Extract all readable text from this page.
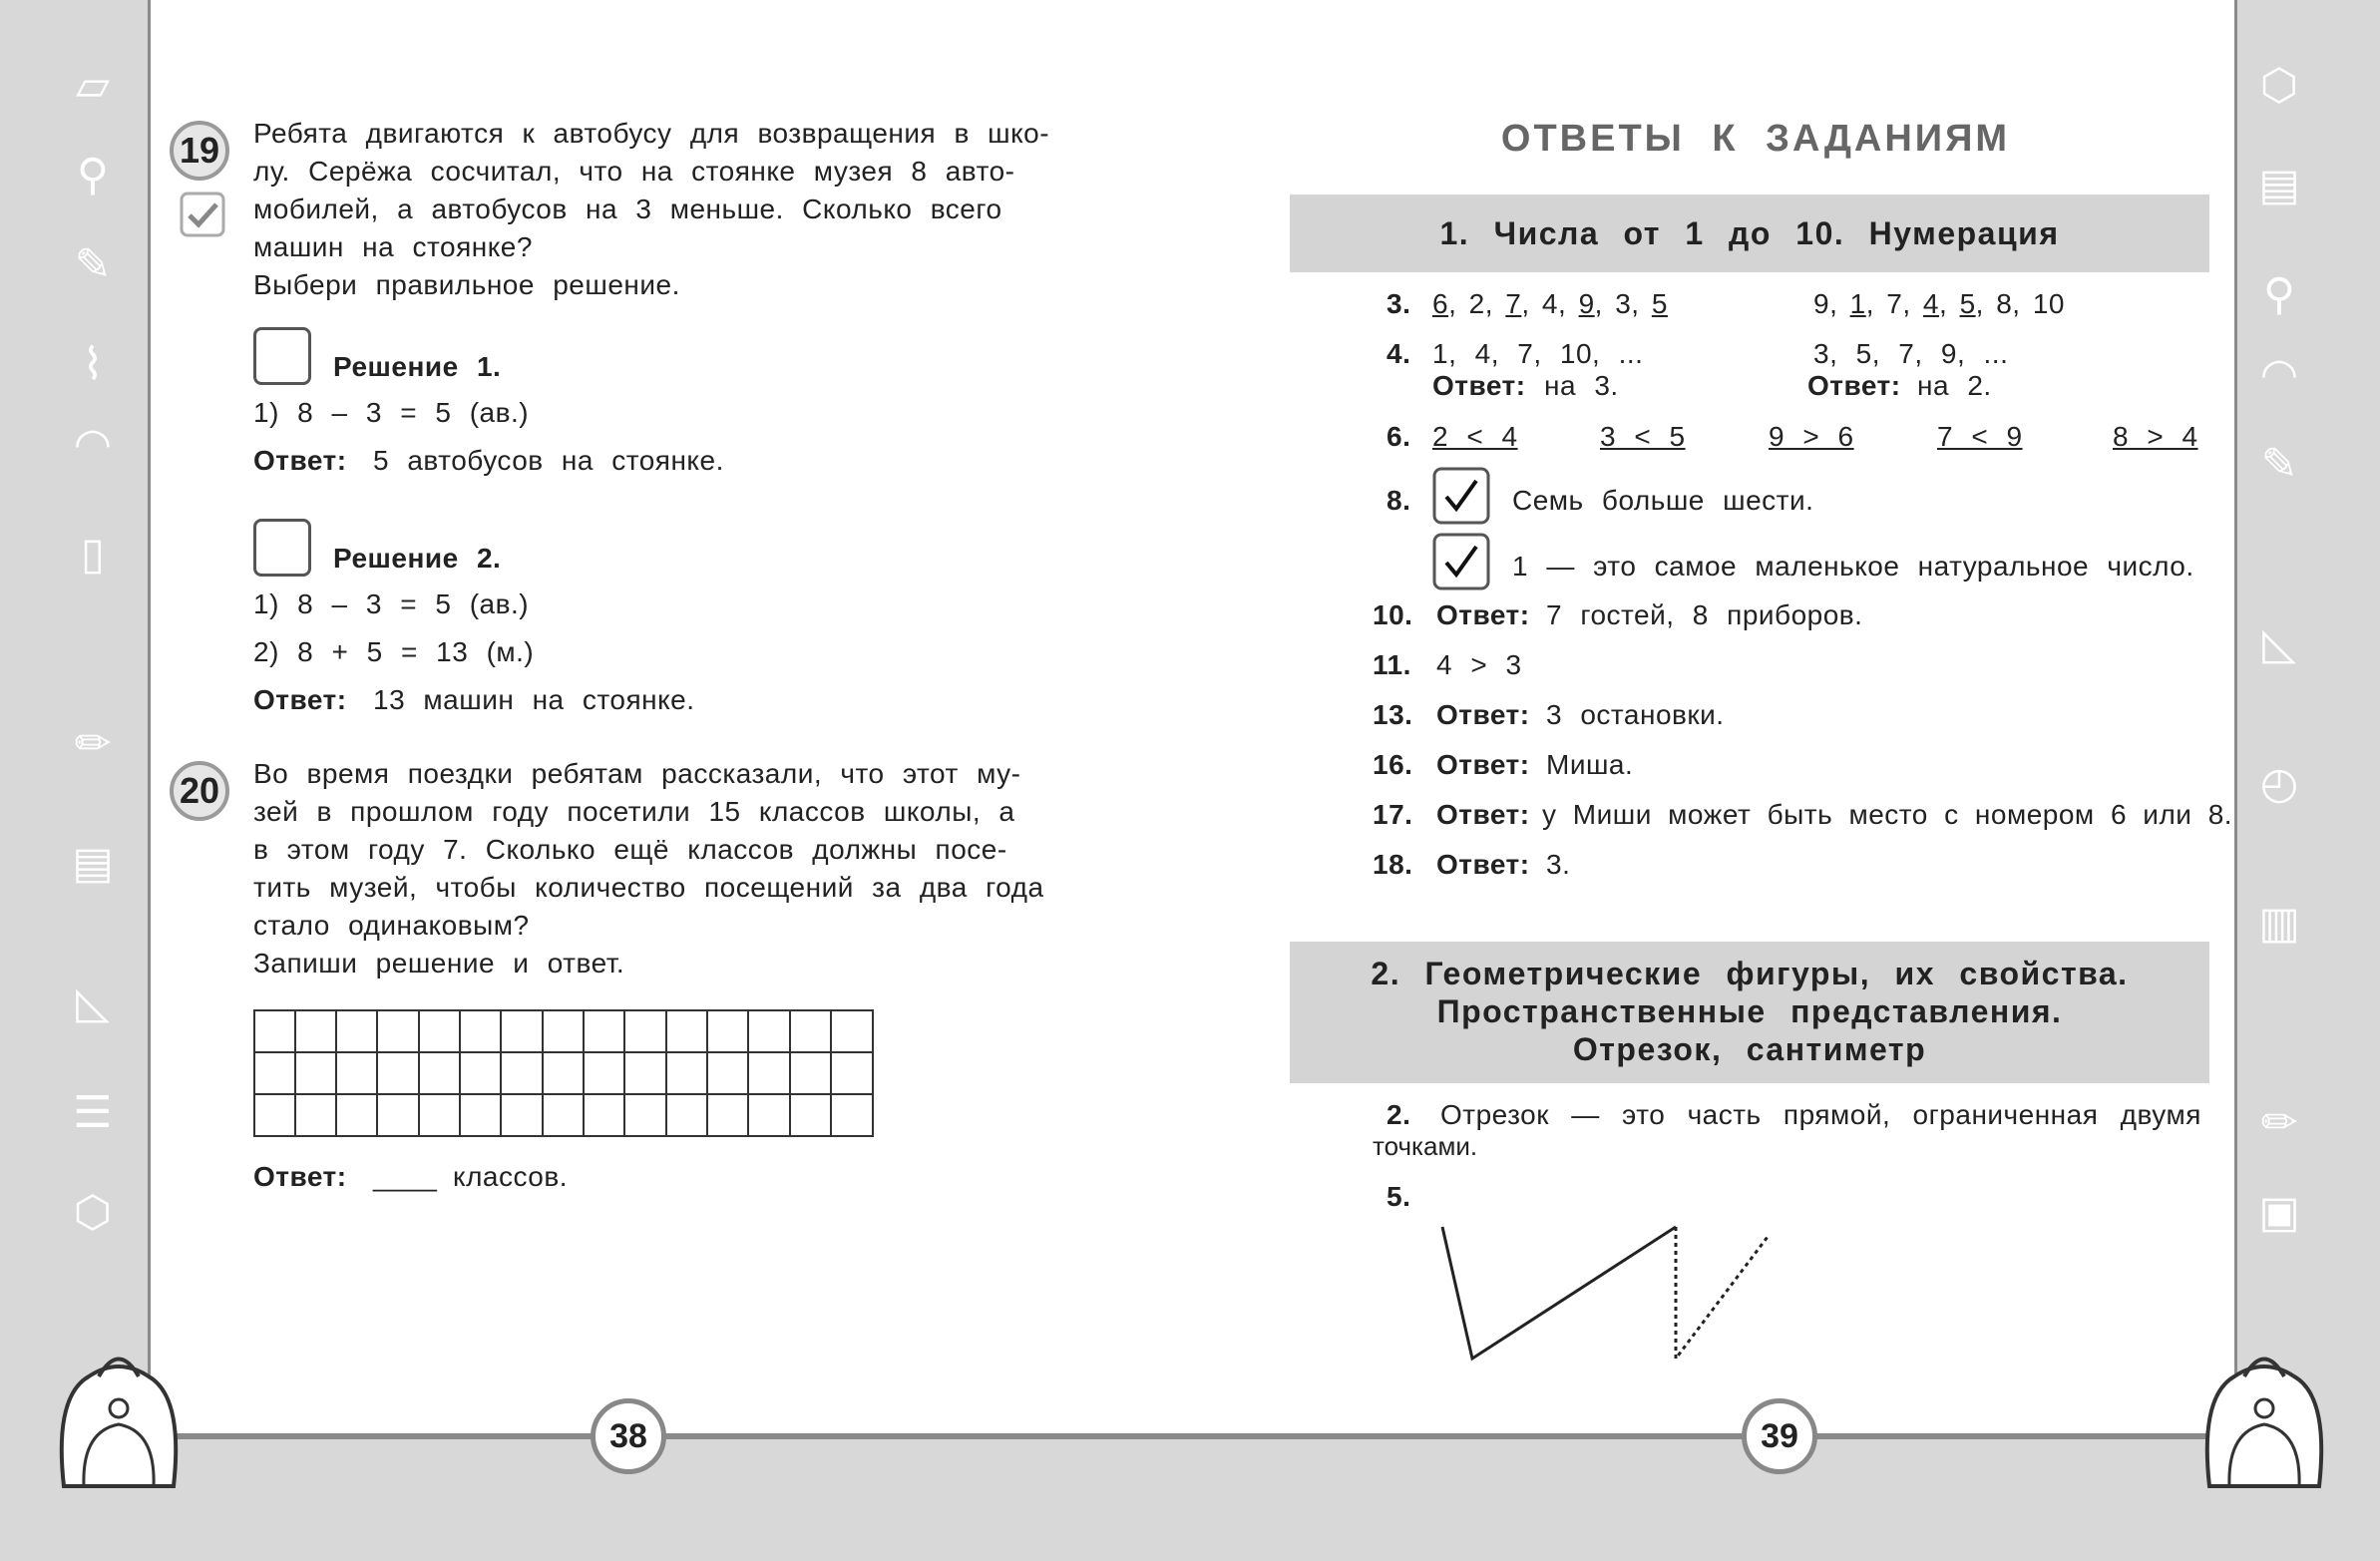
▱
⚲
✎
⌇
◠
▯
✏
▤
◺
☰
⬡
⬡
▤
⚲
◠
✎
◺
◴
▥
✏
▣
19	Ребята двигаются к автобусу для возвращения в шко-
лу. Серёжа сосчитал, что на стоянке музея 8 авто-
мобилей, а автобусов на 3 меньше. Сколько всего
машин на стоянке?
Выбери правильное решение.
Решение 1.
1) 8 – 3 = 5 (ав.)
Ответ: 5 автобусов на стоянке.
Решение 2.
1) 8 – 3 = 5 (ав.)
2) 8 + 5 = 13 (м.)
Ответ: 13 машин на стоянке.
20	Во время поездки ребятам рассказали, что этот му-
зей в прошлом году посетили 15 классов школы, а
в этом году 7. Сколько ещё классов должны посе-
тить музей, чтобы количество посещений за два года
стало одинаковым?
Запиши решение и ответ.
Ответ: ____ классов.
38
ОТВЕТЫ К ЗАДАНИЯМ
1. Числа от 1 до 10. Нумерация
3. 6, 2, 7, 4, 9, 3, 5	9, 1, 7, 4, 5, 8, 10
4. 1, 4, 7, 10, ...
Ответ: на 3.
3, 5, 7, 9, ...
Ответ: на 2.
6. 2 < 4	3 < 5	9 > 6	7 < 9	8 > 4
8.	Семь больше шести.
1 — это самое маленькое натуральное число.
10. Ответ: 7 гостей, 8 приборов.
11. 4 > 3
13. Ответ: 3 остановки.
16. Ответ: Миша.
17. Ответ: у Миши может быть место с номером 6 или 8.
18. Ответ: 3.
2. Геометрические фигуры, их свойства.
Пространственные представления.
Отрезок, сантиметр
2. Отрезок — это часть прямой, ограниченная двумя
точками.
5.
39
